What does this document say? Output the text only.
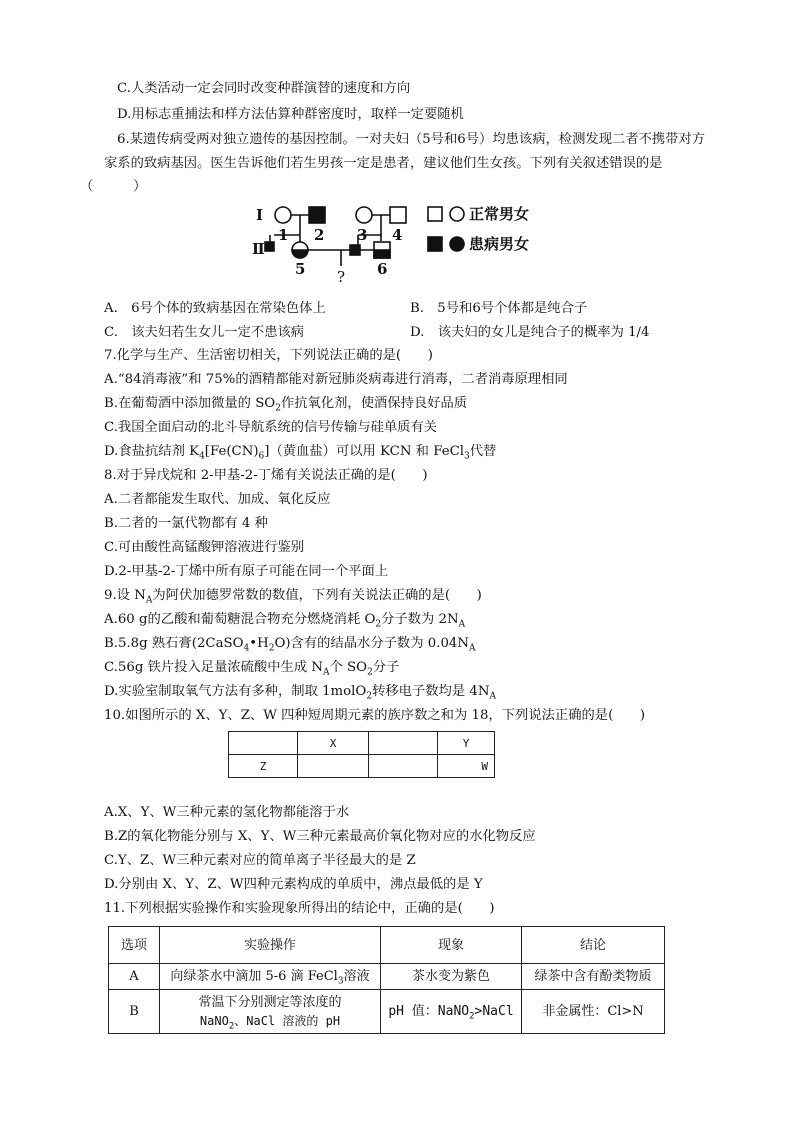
C.人类活动一定会同时改变种群演替的速度和方向
D.用标志重捕法和样方法估算种群密度时，取样一定要随机
6.某遗传病受两对独立遗传的基因控制。一对夫妇（5号和6号）均患该病，检测发现二者不携带对方
家系的致病基因。医生告诉他们若生男孩一定是患者，建议他们生女孩。下列有关叙述错误的是
（　　　）
I
Ⅱ
1 2 3 4
5	6
?
正常男女
患病男女
A.　6号个体的致病基因在常染色体上	B.　5号和6号个体都是纯合子
C.　该夫妇若生女儿一定不患该病	D.　该夫妇的女儿是纯合子的概率为 1/4
7.化学与生产、生活密切相关，下列说法正确的是(　　)
A.“84消毒液”和 75%的酒精都能对新冠肺炎病毒进行消毒，二者消毒原理相同
B.在葡萄酒中添加微量的 $SO_2$作抗氧化剂，使酒保持良好品质
C.我国全面启动的北斗导航系统的信号传输与硅单质有关
D.食盐抗结剂 $K_4[Fe(CN)_6]$（黄血盐）可以用 KCN 和 FeCl$_3$代替
8.对于异戊烷和 2-甲基-2-丁烯有关说法正确的是(　　)
A.二者都能发生取代、加成、氧化反应
B.二者的一氯代物都有 4 种
C.可由酸性高锰酸钾溶液进行鉴别
D.2-甲基-2-丁烯中所有原子可能在同一个平面上
9.设 $N_A$为阿伏加德罗常数的数值，下列有关说法正确的是(　　)
A.60 g的乙酸和葡萄糖混合物充分燃烧消耗 $O_2$分子数为 $2N_A$
B.5.8g 熟石膏$(2CaSO_4•H_2O)$含有的结晶水分子数为 $0.04N_A$
C.56g 铁片投入足量浓硫酸中生成 $N_A$个 $SO_2$分子
D.实验室制取氧气方法有多种，制取 1molO$_2$转移电子数均是 $4N_A$
10.如图所示的 X、Y、Z、W 四种短周期元素的族序数之和为 18，下列说法正确的是(　　)
	X		Y
Z			W
A.X、Y、W三种元素的氢化物都能溶于水
B.Z的氧化物能分别与 X、Y、W三种元素最高价氧化物对应的水化物反应
C.Y、Z、W三种元素对应的简单离子半径最大的是 Z
D.分别由 X、Y、Z、W四种元素构成的单质中，沸点最低的是 Y
11.下列根据实验操作和实验现象所得出的结论中，正确的是(　　)
选项	实验操作	现象	结论
A	向绿茶水中滴加 5-6 滴 FeCl$_3$溶液	茶水变为紫色	绿茶中含有酚类物质
B	常温下分别测定等浓度的
NaNO$_2$、NaCl 溶液的 pH	pH 值：NaNO$_2$>NaCl	非金属性：Cl>N
